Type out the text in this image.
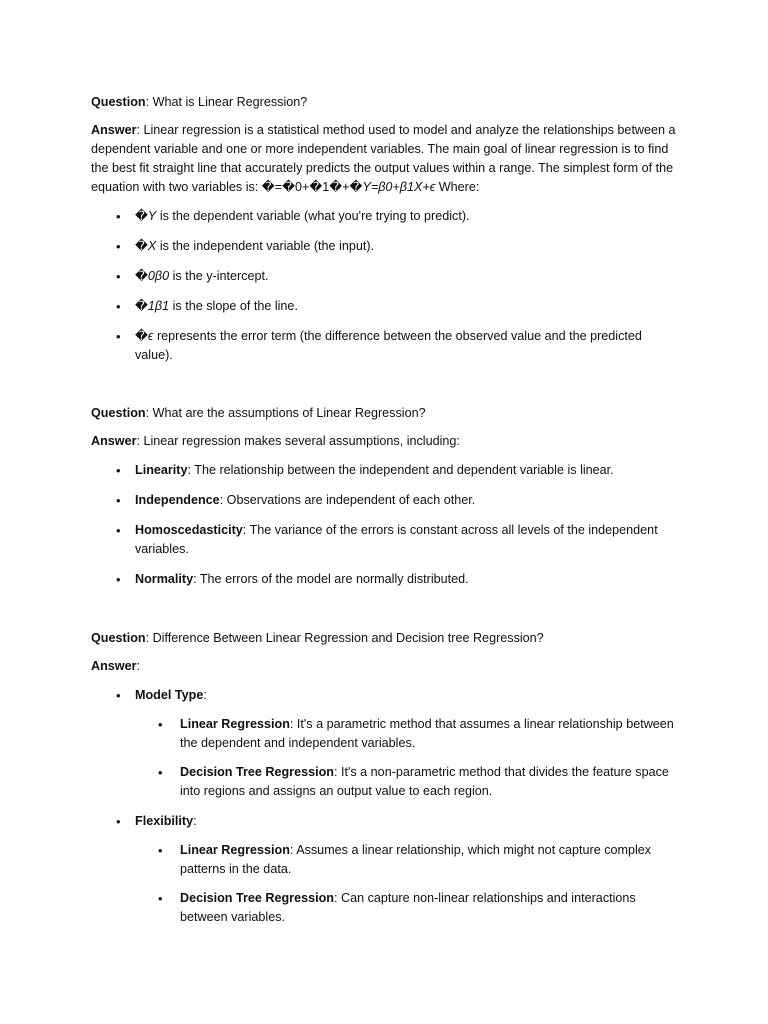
Question: What is Linear Regression?

Answer: Linear regression is a statistical method used to model and analyze the relationships between a dependent variable and one or more independent variables. The main goal of linear regression is to find the best fit straight line that accurately predicts the output values within a range. The simplest form of the equation with two variables is: �=�0+�1�+�Y=β0+β1X+ϵ Where:

• �Y is the dependent variable (what you're trying to predict).
• �X is the independent variable (the input).
• �0β0 is the y-intercept.
• �1β1 is the slope of the line.
• �ϵ represents the error term (the difference between the observed value and the predicted value).

Question: What are the assumptions of Linear Regression?

Answer: Linear regression makes several assumptions, including:

• Linearity: The relationship between the independent and dependent variable is linear.
• Independence: Observations are independent of each other.
• Homoscedasticity: The variance of the errors is constant across all levels of the independent variables.
• Normality: The errors of the model are normally distributed.

Question: Difference Between Linear Regression and Decision tree Regression?

Answer:

• Model Type:
• Linear Regression: It's a parametric method that assumes a linear relationship between the dependent and independent variables.
• Decision Tree Regression: It's a non-parametric method that divides the feature space into regions and assigns an output value to each region.
• Flexibility:
• Linear Regression: Assumes a linear relationship, which might not capture complex patterns in the data.
• Decision Tree Regression: Can capture non-linear relationships and interactions between variables.
